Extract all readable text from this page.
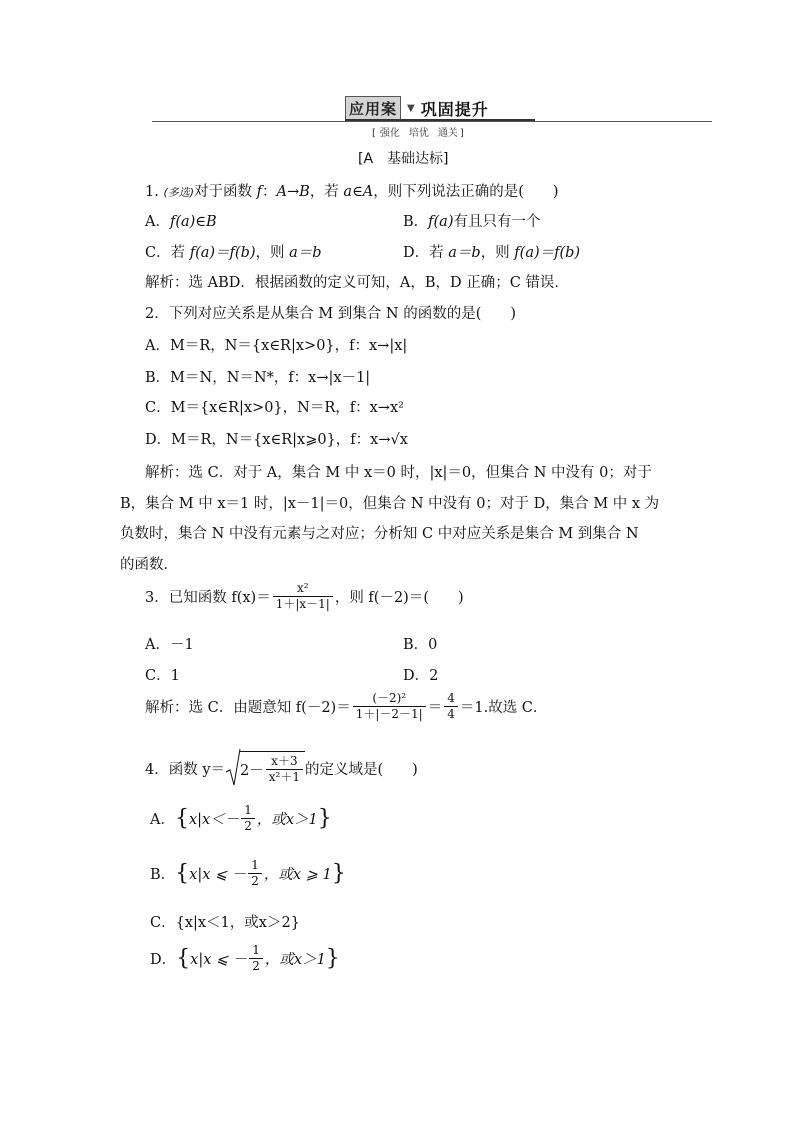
应用案	▼ 巩固提升
[ 强化 培优 通关 ]
[A　基础达标]
1. (多选)对于函数 f：A→B，若 a∈A，则下列说法正确的是(　　)
A．f(a)∈B	B．f(a)有且只有一个
C．若 f(a)＝f(b)，则 a＝b	D．若 a＝b，则 f(a)＝f(b)
解析：选 ABD．根据函数的定义可知，A，B，D 正确；C 错误．
2．下列对应关系是从集合 M 到集合 N 的函数的是(　　)
A．M＝R，N＝{x∈R|x>0}，f：x→|x|
B．M＝N，N＝N*，f：x→|x－1|
C．M＝{x∈R|x>0}，N＝R，f：x→x²
D．M＝R，N＝{x∈R|x⩾0}，f：x→√x
解析：选 C．对于 A，集合 M 中 x＝0 时，|x|＝0，但集合 N 中没有 0；对于
B，集合 M 中 x＝1 时，|x－1|＝0，但集合 N 中没有 0；对于 D，集合 M 中 x 为
负数时，集合 N 中没有元素与之对应；分析知 C 中对应关系是集合 M 到集合 N
的函数．
3．已知函数 $f(x)= \frac{\text{x²}}{1+|x-1|}$ ，则 f(－2)＝(　　)
A．－1	B．0
C．1	D．2
解析：选 C．由题意知 $f(-2)= \frac{\text{(－2)²}}{1+|-2-1|} = \frac{4}{4} =1$.故选 C．
4．函数 $y= 2- \frac{x+3}{\text{x²＋1}}$ 的定义域是(　　)
A． { $x|x<- \frac{1}{2}$ ，或x＞1 }
B． { x|x ⩽ － $\frac{1}{2}$ ，或x ⩾ 1 }
C．{x|x＜1，或x＞2}
D． { x|x ⩽ － $\frac{1}{2}$ ，或x＞1 }
